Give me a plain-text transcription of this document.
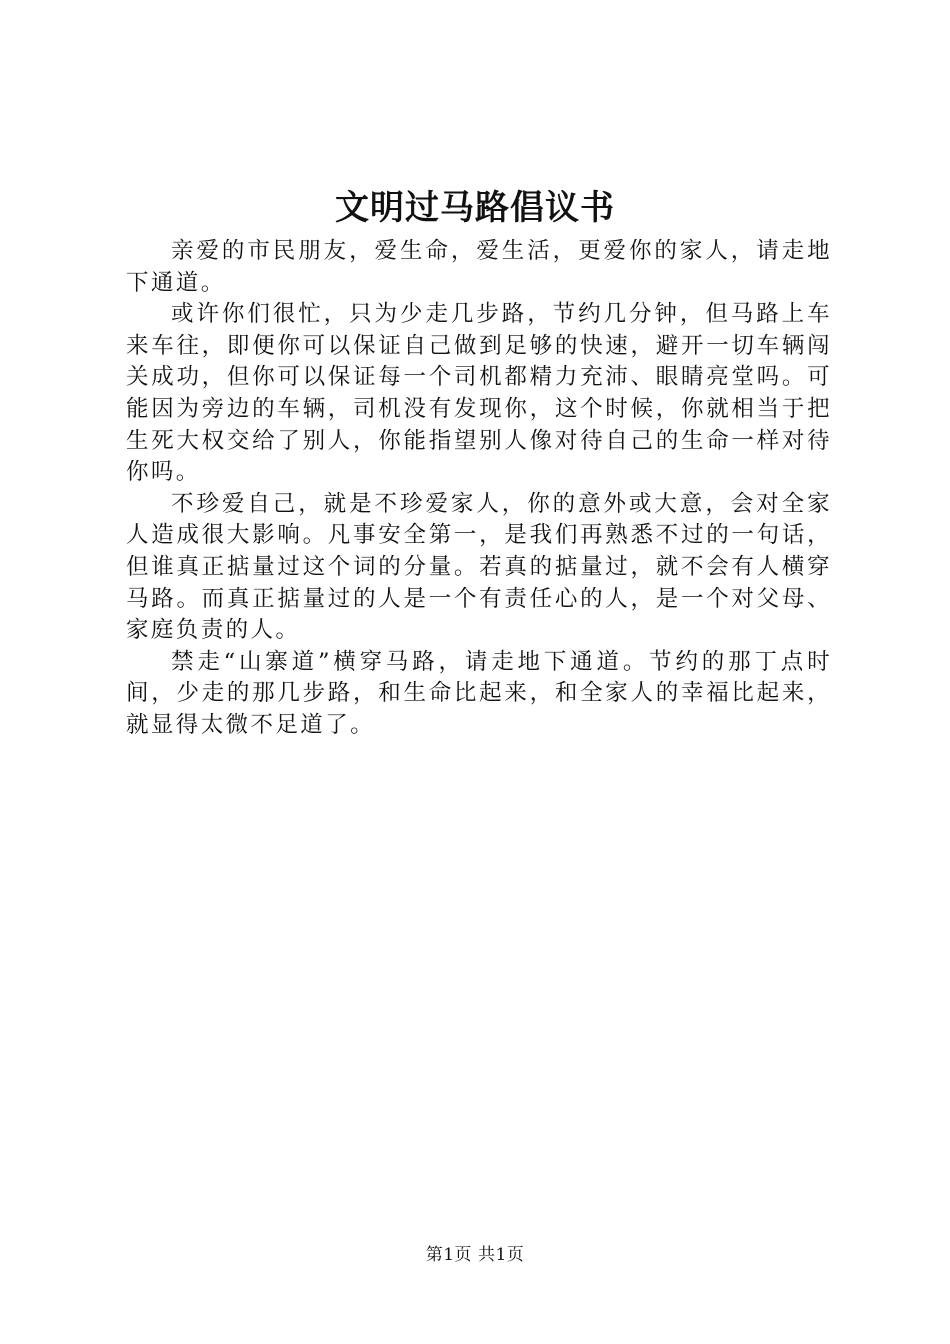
文明过马路倡议书

亲爱的市民朋友，爱生命，爱生活，更爱你的家人，请走地下通道。

或许你们很忙，只为少走几步路，节约几分钟，但马路上车来车往，即便你可以保证自己做到足够的快速，避开一切车辆闯关成功，但你可以保证每一个司机都精力充沛、眼睛亮堂吗。可能因为旁边的车辆，司机没有发现你，这个时候，你就相当于把生死大权交给了别人，你能指望别人像对待自己的生命一样对待你吗。

不珍爱自己，就是不珍爱家人，你的意外或大意，会对全家人造成很大影响。凡事安全第一，是我们再熟悉不过的一句话，但谁真正掂量过这个词的分量。若真的掂量过，就不会有人横穿马路。而真正掂量过的人是一个有责任心的人，是一个对父母、家庭负责的人。

禁走“山寨道”横穿马路，请走地下通道。节约的那丁点时间，少走的那几步路，和生命比起来，和全家人的幸福比起来，就显得太微不足道了。

第1页 共1页
